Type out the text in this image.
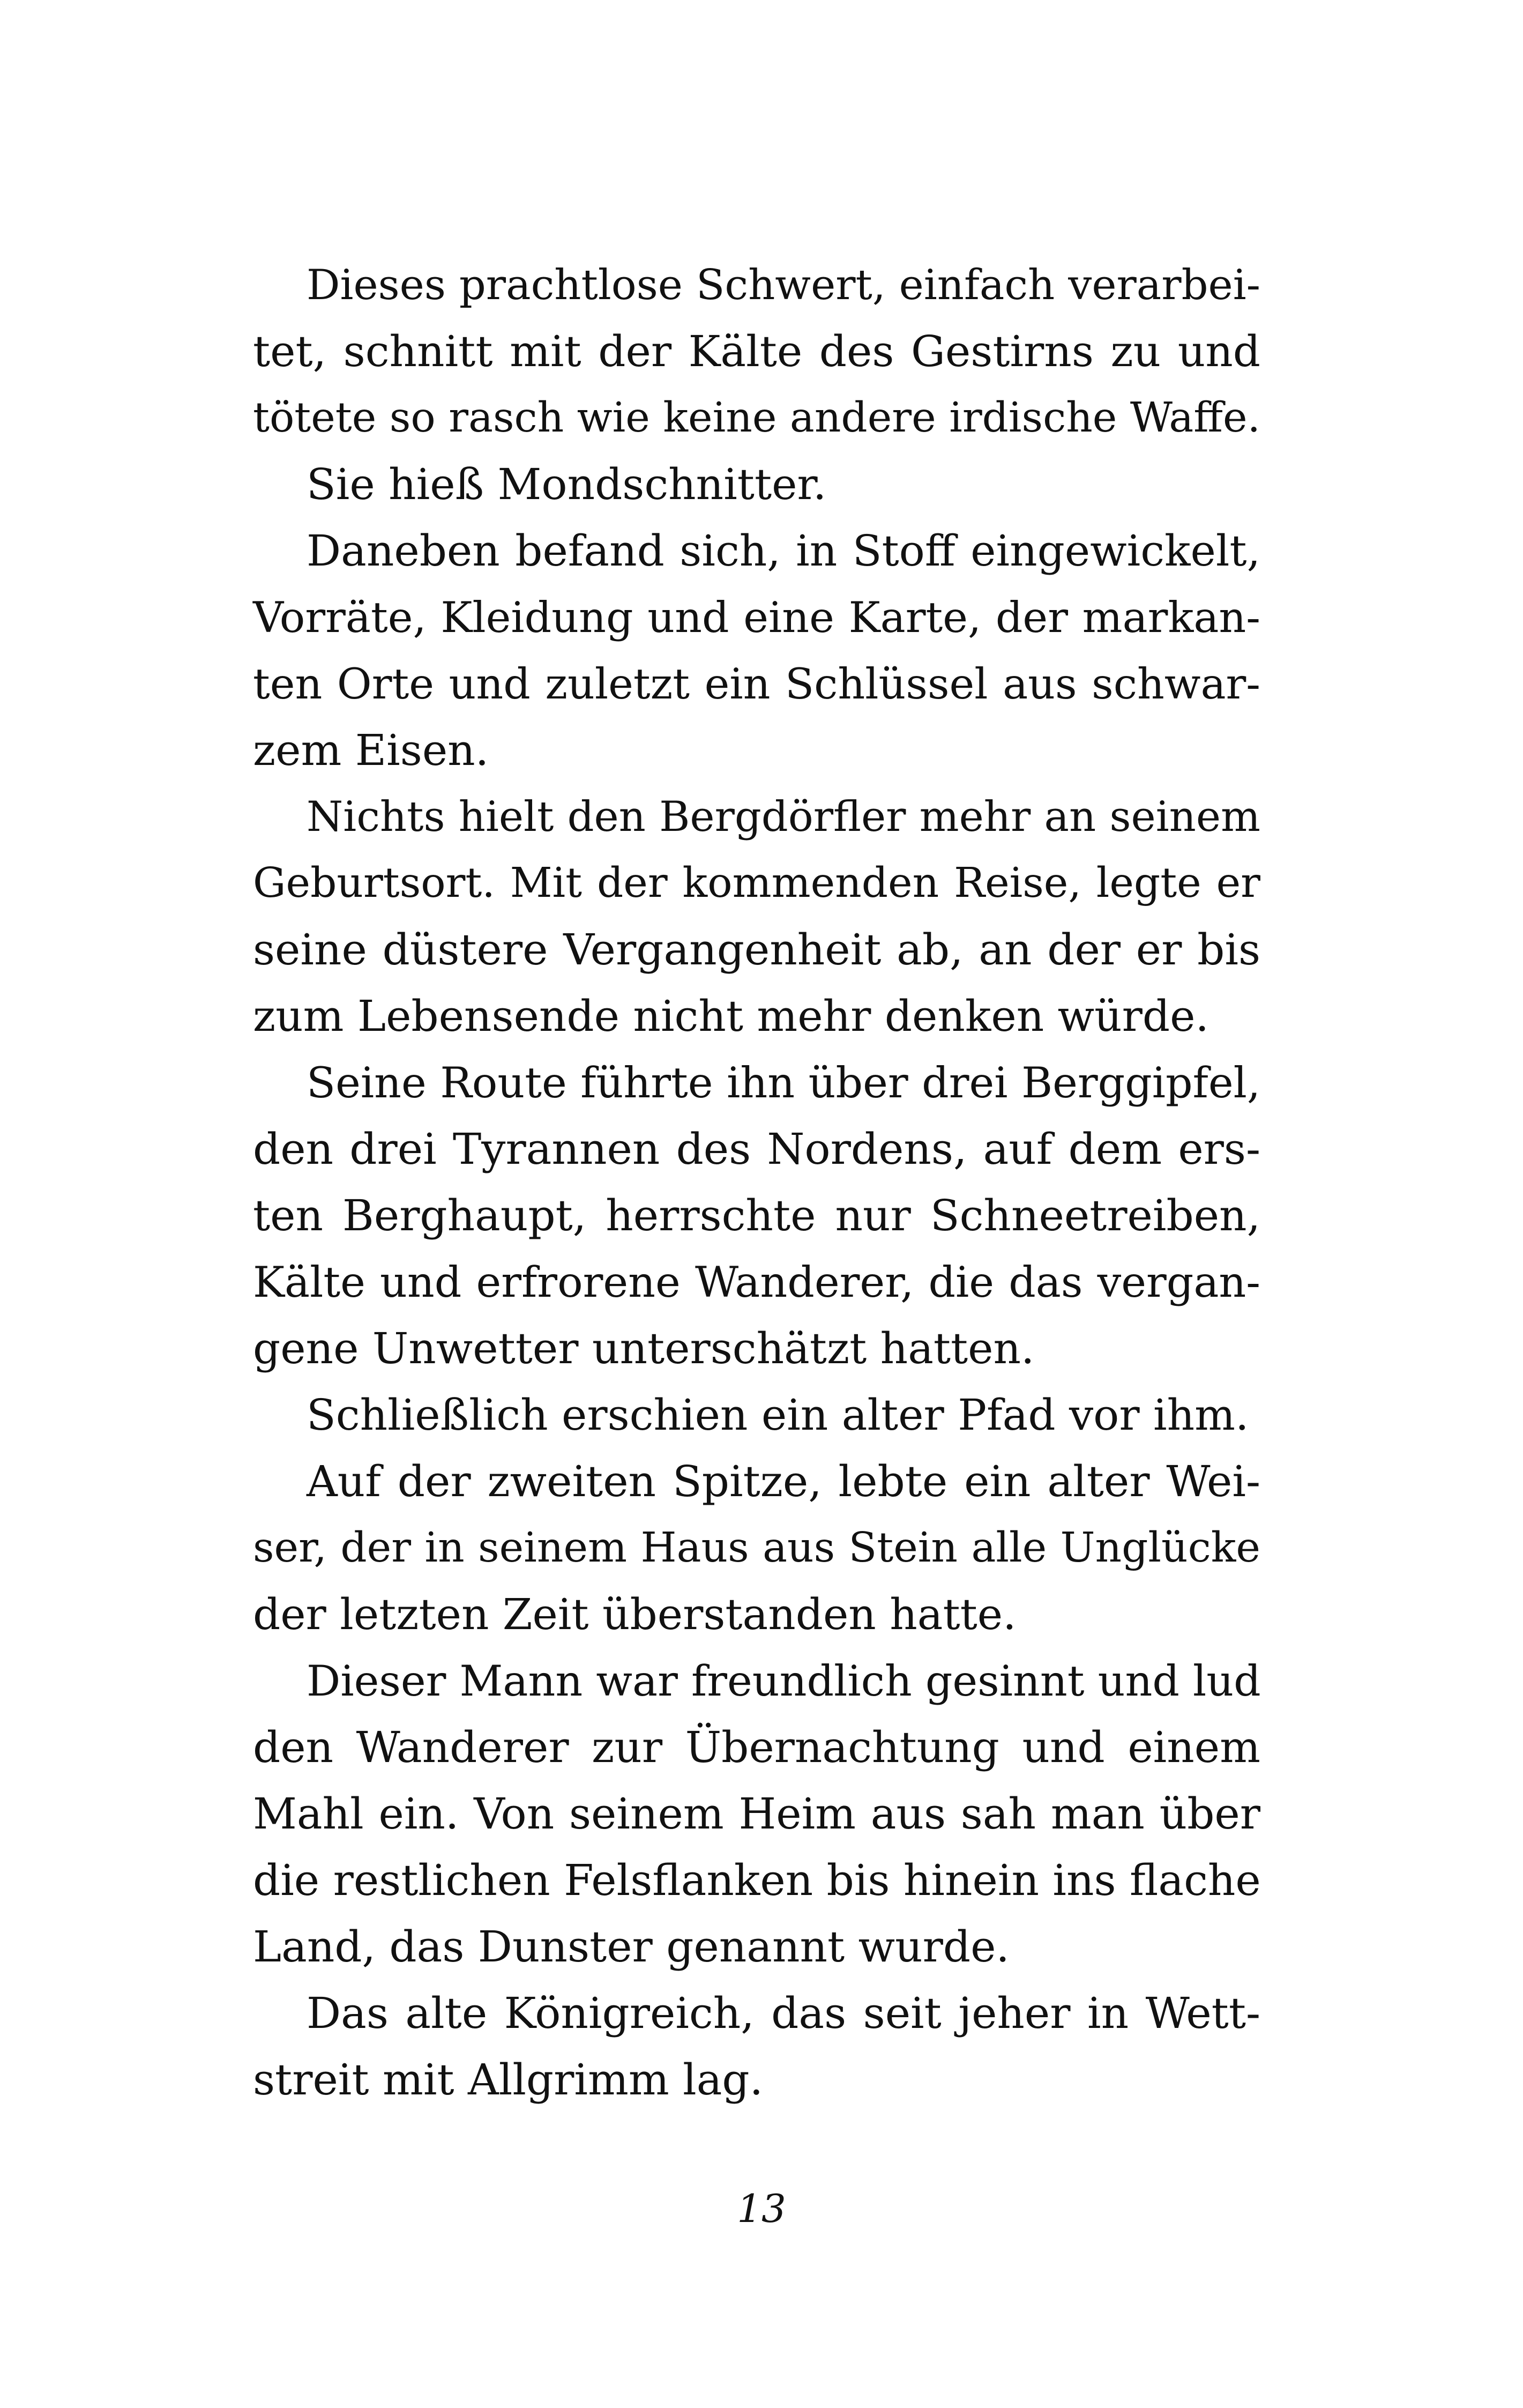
Dieses prachtlose Schwert, einfach verarbei-
tet, schnitt mit der Kälte des Gestirns zu und
tötete so rasch wie keine andere irdische Waffe.
Sie hieß Mondschnitter.
Daneben befand sich, in Stoff eingewickelt,
Vorräte, Kleidung und eine Karte, der markan-
ten Orte und zuletzt ein Schlüssel aus schwar-
zem Eisen.
Nichts hielt den Bergdörfler mehr an seinem
Geburtsort. Mit der kommenden Reise, legte er
seine düstere Vergangenheit ab, an der er bis
zum Lebensende nicht mehr denken würde.
Seine Route führte ihn über drei Berggipfel,
den drei Tyrannen des Nordens, auf dem ers-
ten Berghaupt, herrschte nur Schneetreiben,
Kälte und erfrorene Wanderer, die das vergan-
gene Unwetter unterschätzt hatten.
Schließlich erschien ein alter Pfad vor ihm.
Auf der zweiten Spitze, lebte ein alter Wei-
ser, der in seinem Haus aus Stein alle Unglücke
der letzten Zeit überstanden hatte.
Dieser Mann war freundlich gesinnt und lud
den Wanderer zur Übernachtung und einem
Mahl ein. Von seinem Heim aus sah man über
die restlichen Felsflanken bis hinein ins flache
Land, das Dunster genannt wurde.
Das alte Königreich, das seit jeher in Wett-
streit mit Allgrimm lag.
13
